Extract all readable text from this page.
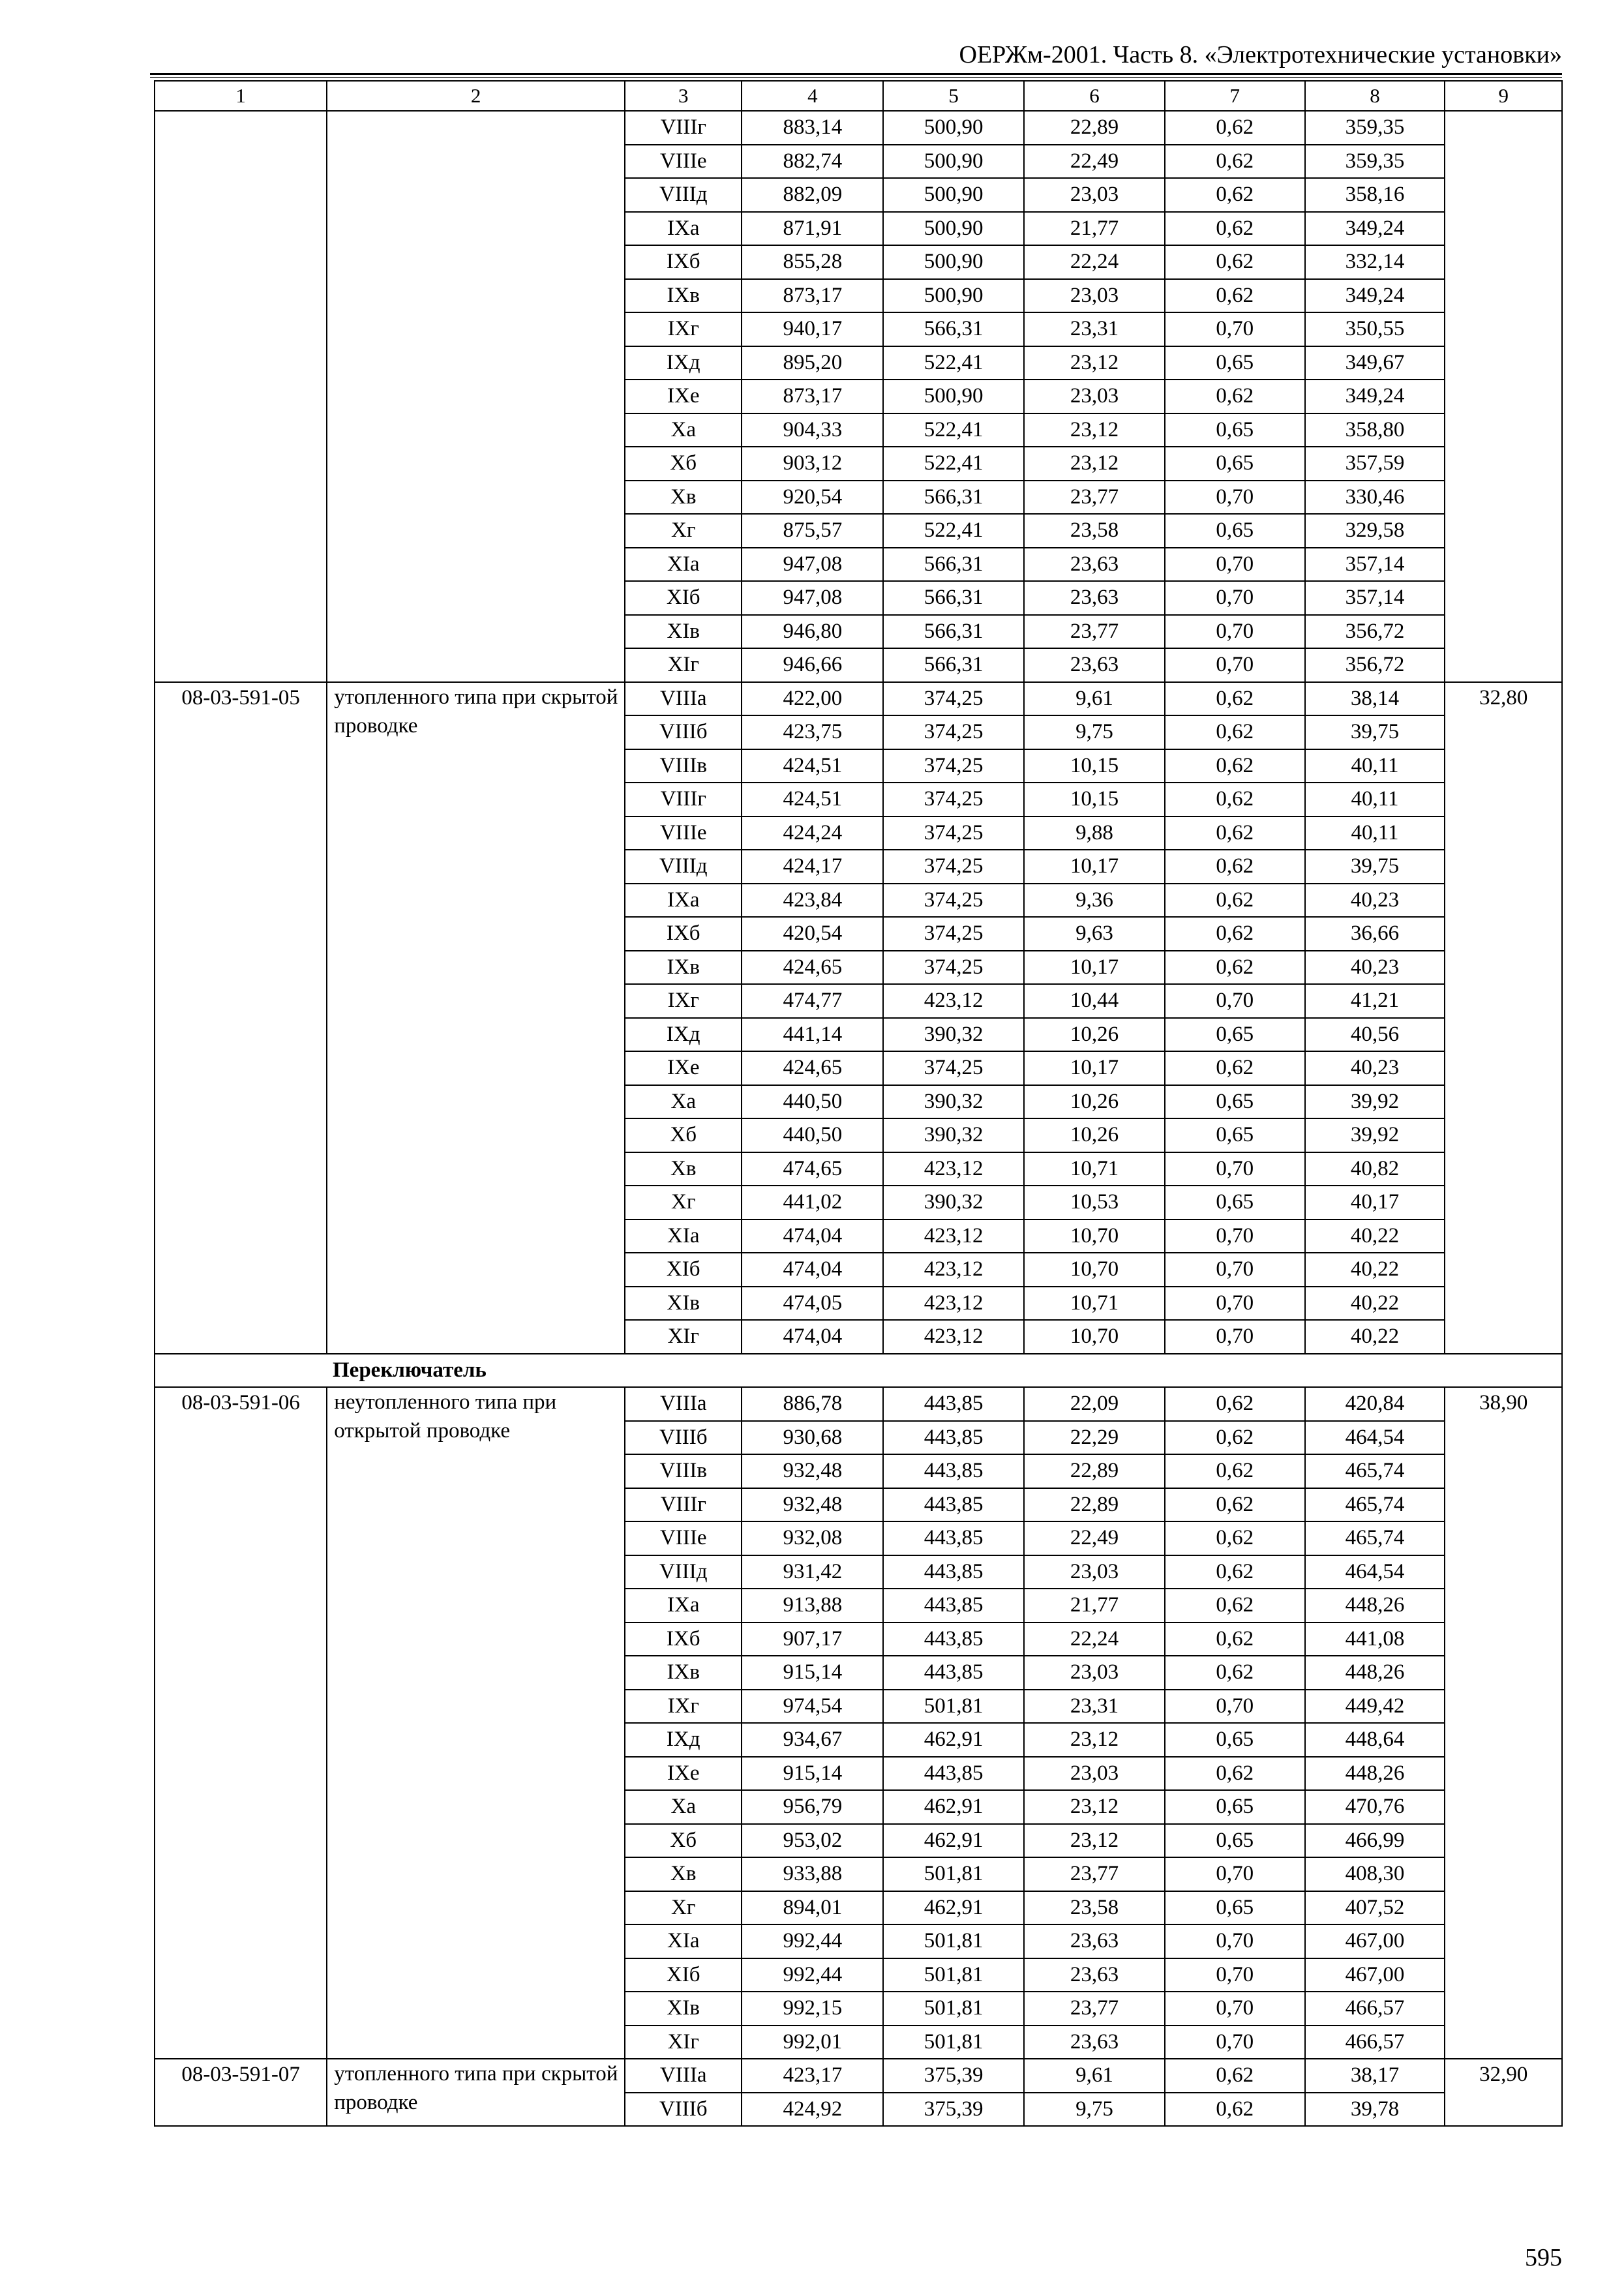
ОЕРЖм-2001. Часть 8. «Электротехнические установки»
1	2	3	4	5	6	7	8	9
		VIIIг	883,14	500,90	22,89	0,62	359,35	
		VIIIе	882,74	500,90	22,49	0,62	359,35	
		VIIIд	882,09	500,90	23,03	0,62	358,16	
		IXа	871,91	500,90	21,77	0,62	349,24	
		IXб	855,28	500,90	22,24	0,62	332,14	
		IXв	873,17	500,90	23,03	0,62	349,24	
		IXг	940,17	566,31	23,31	0,70	350,55	
		IXд	895,20	522,41	23,12	0,65	349,67	
		IXе	873,17	500,90	23,03	0,62	349,24	
		Xа	904,33	522,41	23,12	0,65	358,80	
		Xб	903,12	522,41	23,12	0,65	357,59	
		Xв	920,54	566,31	23,77	0,70	330,46	
		Xг	875,57	522,41	23,58	0,65	329,58	
		XIа	947,08	566,31	23,63	0,70	357,14	
		XIб	947,08	566,31	23,63	0,70	357,14	
		XIв	946,80	566,31	23,77	0,70	356,72	
		XIг	946,66	566,31	23,63	0,70	356,72	
08-03-591-05	утопленного типа при скрытой проводке	VIIIа	422,00	374,25	9,61	0,62	38,14	32,80
		VIIIб	423,75	374,25	9,75	0,62	39,75	
		VIIIв	424,51	374,25	10,15	0,62	40,11	
		VIIIг	424,51	374,25	10,15	0,62	40,11	
		VIIIе	424,24	374,25	9,88	0,62	40,11	
		VIIIд	424,17	374,25	10,17	0,62	39,75	
		IXа	423,84	374,25	9,36	0,62	40,23	
		IXб	420,54	374,25	9,63	0,62	36,66	
		IXв	424,65	374,25	10,17	0,62	40,23	
		IXг	474,77	423,12	10,44	0,70	41,21	
		IXд	441,14	390,32	10,26	0,65	40,56	
		IXе	424,65	374,25	10,17	0,62	40,23	
		Xа	440,50	390,32	10,26	0,65	39,92	
		Xб	440,50	390,32	10,26	0,65	39,92	
		Xв	474,65	423,12	10,71	0,70	40,82	
		Xг	441,02	390,32	10,53	0,65	40,17	
		XIа	474,04	423,12	10,70	0,70	40,22	
		XIб	474,04	423,12	10,70	0,70	40,22	
		XIв	474,05	423,12	10,71	0,70	40,22	
		XIг	474,04	423,12	10,70	0,70	40,22	
Переключатель								
08-03-591-06	неутопленного типа при открытой проводке	VIIIа	886,78	443,85	22,09	0,62	420,84	38,90
		VIIIб	930,68	443,85	22,29	0,62	464,54	
		VIIIв	932,48	443,85	22,89	0,62	465,74	
		VIIIг	932,48	443,85	22,89	0,62	465,74	
		VIIIе	932,08	443,85	22,49	0,62	465,74	
		VIIIд	931,42	443,85	23,03	0,62	464,54	
		IXа	913,88	443,85	21,77	0,62	448,26	
		IXб	907,17	443,85	22,24	0,62	441,08	
		IXв	915,14	443,85	23,03	0,62	448,26	
		IXг	974,54	501,81	23,31	0,70	449,42	
		IXд	934,67	462,91	23,12	0,65	448,64	
		IXе	915,14	443,85	23,03	0,62	448,26	
		Xа	956,79	462,91	23,12	0,65	470,76	
		Xб	953,02	462,91	23,12	0,65	466,99	
		Xв	933,88	501,81	23,77	0,70	408,30	
		Xг	894,01	462,91	23,58	0,65	407,52	
		XIа	992,44	501,81	23,63	0,70	467,00	
		XIб	992,44	501,81	23,63	0,70	467,00	
		XIв	992,15	501,81	23,77	0,70	466,57	
		XIг	992,01	501,81	23,63	0,70	466,57	
08-03-591-07	утопленного типа при скрытой проводке	VIIIа	423,17	375,39	9,61	0,62	38,17	32,90
		VIIIб	424,92	375,39	9,75	0,62	39,78	
595
